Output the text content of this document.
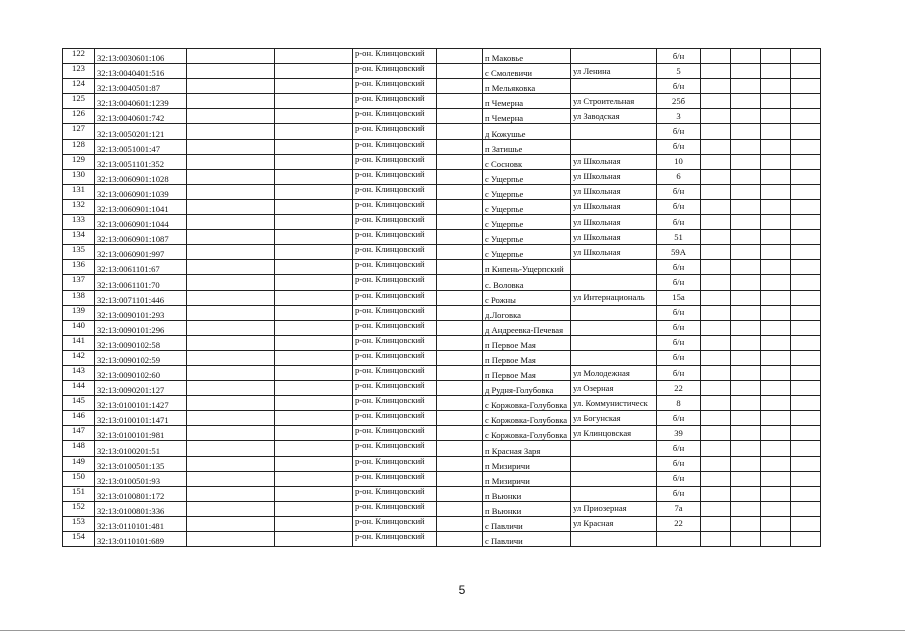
122	32:13:0030601:106			р-он. Клинцовский		п Маковье		б/н				
123	32:13:0040401:516			р-он. Клинцовский		с Смолевичи	ул Ленина	5				
124	32:13:0040501:87			р-он. Клинцовский		п Мельяковка		б/н				
125	32:13:0040601:1239			р-он. Клинцовский		п Чемерна	ул Строительная	25б				
126	32:13:0040601:742			р-он. Клинцовский		п Чемерна	ул Заводская	3				
127	32:13:0050201:121			р-он. Клинцовский		д Кожушье		б/н				
128	32:13:0051001:47			р-он. Клинцовский		п Затишье		б/н				
129	32:13:0051101:352			р-он. Клинцовский		с Сосновк	ул Школьная	10				
130	32:13:0060901:1028			р-он. Клинцовский		с Ущерпье	ул Школьная	6				
131	32:13:0060901:1039			р-он. Клинцовский		с Ущерпье	ул Школьная	б/н				
132	32:13:0060901:1041			р-он. Клинцовский		с Ущерпье	ул Школьная	б/н				
133	32:13:0060901:1044			р-он. Клинцовский		с Ущерпье	ул Школьная	б/н				
134	32:13:0060901:1087			р-он. Клинцовский		с Ущерпье	ул Школьная	51				
135	32:13:0060901:997			р-он. Клинцовский		с Ущерпье	ул Школьная	59А				
136	32:13:0061101:67			р-он. Клинцовский		п Кипень-Ущерпский		б/н				
137	32:13:0061101:70			р-он. Клинцовский		с. Воловка		б/н				
138	32:13:0071101:446			р-он. Клинцовский		с Рожны	ул Интернациональ	15а				
139	32:13:0090101:293			р-он. Клинцовский		д.Логовка		б/н				
140	32:13:0090101:296			р-он. Клинцовский		д Андреевка-Печевая		б/н				
141	32:13:0090102:58			р-он. Клинцовский		п Первое Мая		б/н				
142	32:13:0090102:59			р-он. Клинцовский		п Первое Мая		б/н				
143	32:13:0090102:60			р-он. Клинцовский		п Первое Мая	ул Молодежная	б/н				
144	32:13:0090201:127			р-он. Клинцовский		д Рудня-Голубовка	ул Озерная	22				
145	32:13:0100101:1427			р-он. Клинцовский		с Коржовка-Голубовка	ул. Коммунистическ	8				
146	32:13:0100101:1471			р-он. Клинцовский		с Коржовка-Голубовка	ул Богунская	б/н				
147	32:13:0100101:981			р-он. Клинцовский		с Коржовка-Голубовка	ул Клинцовская	39				
148	32:13:0100201:51			р-он. Клинцовский		п Красная Заря		б/н				
149	32:13:0100501:135			р-он. Клинцовский		п Мизиричи		б/н				
150	32:13:0100501:93			р-он. Клинцовский		п Мизиричи		б/н				
151	32:13:0100801:172			р-он. Клинцовский		п Вьюнки		б/н				
152	32:13:0100801:336			р-он. Клинцовский		п Вьюнки	ул Приозерная	7а				
153	32:13:0110101:481			р-он. Клинцовский		с Павличи	ул Красная	22				
154	32:13:0110101:689			р-он. Клинцовский		с Павличи						
5
